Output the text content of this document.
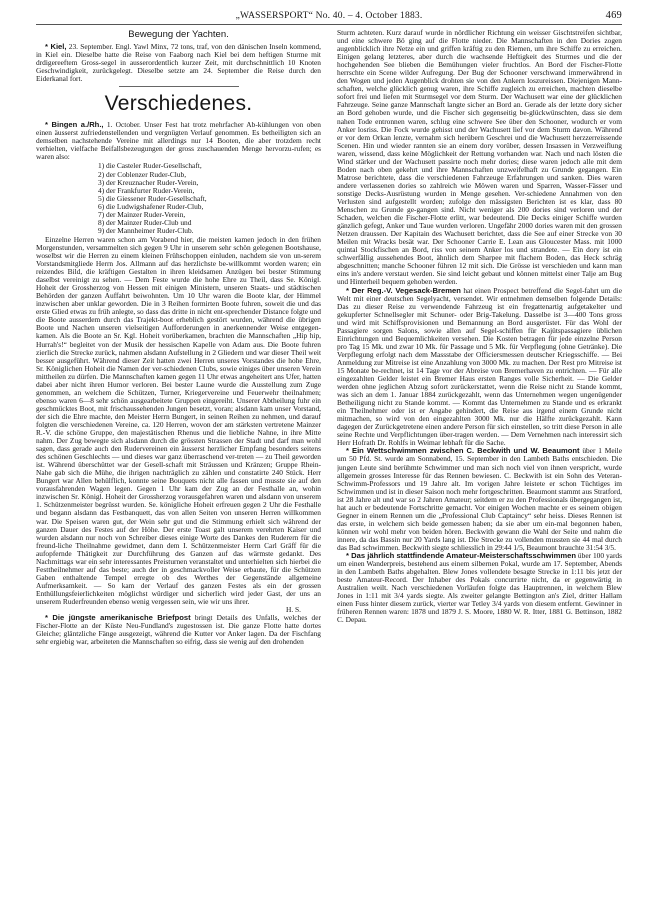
„WASSERSPORT“ No. 40. – 4. October 1883.	469
Bewegung der Yachten.

* Kiel, 23. September. Engl. Yawl Minx, 72 tons, traf, von den dänischen Inseln kommend, in Kiel ein. Dieselbe hatte die Reise von Faaborg nach Kiel bei dem heftigen Sturme mit drdigereeftem Gross-segel in ausserordentlich kurzer Zeit, mit durchschnittlich 10 Knoten Geschwindigkeit, zurückgelegt. Dieselbe setzte am 24. September die Reise durch den Eiderkanal fort.

Verschiedenes.

* Bingen a./Rh., 1. October. Unser Fest hat trotz mehrfacher Ab-kühlungen von oben einen äusserst zufriedenstellenden und vergnügten Verlauf genommen. Es betheiligten sich an demselben nachstehende Vereine mit allerdings nur 14 Booten, die aber trotzdem recht verhielten, vielfache Beifallsbezeugungen der gross zuschauenden Menge hervorzu-rufen; es waren also:

1) die Casteler Ruder-Gesellschaft,
2) der Coblenzer Ruder-Club,
3) der Kreuznacher Ruder-Verein,
4) der Frankfurter Ruder-Verein,
5) die Giessener Ruder-Gesellschaft,
6) die Ludwigshafener Ruder-Club,
7) der Mainzer Ruder-Verein,
8) der Mainzer Ruder-Club und
9) der Mannheimer Ruder-Club.

Einzelne Herren waren schon am Vorabend hier, die meisten kamen jedoch in den frühen Morgenstunden, versammelten sich gegen 9 Uhr in unserem sehr schön gelegenen Bootshause, woselbst wir die Herren zu einem kleinen Frühschoppen einluden, nachdem sie von un-serem Vorstandsmitgliede Herrn Jos. Allmann auf das herzlichste be-willkommt worden waren; ein reizendes Bild, die kräftigen Gestalten in ihren kleidsamen Anzügen bei bester Stimmung daselbst vereinigt zu sehen. — Dem Feste wurde die hohe Ehre zu Theil, dass Se. Königl. Hoheit der Grossherzog von Hessen mit einigen Ministern, unseren Staats- und städtischen Behörden der ganzen Auffahrt beiwohnten. Um 10 Uhr waren die Boote klar, der Himmel inzwischen aber unklar geworden. Die in 3 Reihen formirten Boote fuhren, soweit die und das erste Glied etwas zu früh anlegte, so dass das dritte in nicht ent-sprechender Distance folgte und die Boote ausserdem durch das Trajekt-boot erheblich gestört wurden, während die übrigen Boote und Nachen unseren vielseitigen Aufforderungen in anerkennender Weise entgegen-kamen. Als die Boote an Sr. Kgl. Hoheit vorüberkamen, brachten die Mannschaften „Hip hip, Hurrah's!“ begleitet von der Musik der hessischen Kapelle von Adam aus. Die Boote fuhren zierlich die Strecke zurück, nahmen alsdann Aufstellung in 2 Gliedern und war dieser Theil weit besser ausgeführt. Während dieser Zeit hatten zwei Herren unseres Vorstandes die hohe Ehre, Sr. Königlichen Hoheit die Namen der ver-schiedenen Clubs, sowie einiges über unseren Verein mittheilen zu dürfen. Die Mannschaften kamen gegen 11 Uhr etwas angeheitert ans Ufer, hatten dabei aber nicht ihren Humor verloren. Bei bester Laune wurde die Ausstellung zum Zuge genommen, an welchem die Schützen, Turner, Kriegervereine und Feuerwehr theilnahmen; ebenso waren 6—8 sehr schön ausgearbeitete Gruppen eingereiht. Unserer Abtheilung fuhr ein geschmücktes Boot, mit frischaussehenden Jungen besetzt, voran; alsdann kam unser Vorstand, der sich die Ehre machte, den Meister Herrn Bungert, in seinen Reihen zu nehmen, und darauf folgten die verschiedenen Vereine, ca. 120 Herren, wovon der am stärksten vertretene Mainzer R.-V. die schöne Gruppe, den majestätischen Rhenus und die liebliche Nahne, in ihre Mitte nahm. Der Zug bewegte sich alsdann durch die grössten Strassen der Stadt und darf man wohl sagen, dass gerade auch den Rudervereinen ein äusserst herzlicher Empfang besonders seitens des schönen Geschlechts — und dieses war ganz überraschend ver-treten — zu Theil geworden ist. Während überschüttet war der Gesell-schaft mit Sträussen und Kränzen; Gruppe Rhein-Nahe gab sich die Mühe, die ihrigen nachträglich zu zählen und constatirte 240 Stück. Herr Bungert war Allen behülflich, konnte seine Bouquets nicht alle fassen und musste sie auf den vorausfahrenden Wagen legen. Gegen 1 Uhr kam der Zug an der Festhalle an, wohin inzwischen Sr. Königl. Hoheit der Grossherzog vorausgefahren waren und alsdann von unserem 1. Schützenmeister begrüsst wurden. Se. königliche Hoheit erfreuen gegen 2 Uhr die Festhalle und begann alsdann das Festbanquett, das von allen Seiten von unseren Herren willkommen war. Die Speisen waren gut, der Wein sehr gut und die Stimmung erhielt sich während der ganzen Dauer des Festes auf der Höhe. Der erste Toast galt unserem verehrten Kaiser und wurden alsdann nur noch von Schreiber dieses einige Worte des Dankes den Ruderern für die freund-liche Theilnahme gewidmet, dann dem I. Schützenmeister Herrn Carl Gräff für die aufopfernde Thätigkeit zur Durchführung des Ganzen auf das wärmste gedankt. Des Nachmittags war ein sehr interessantes Preisturnen veranstaltet und unterhielten sich hierbei die Festtheilnehmer auf das beste; auch der in geschmackvoller Weise erbaute, für die Schützen Gaben enthaltende Tempel erregte ob des Werthes der Gegenstände allgemeine Aufmerksamkeit. — So kam der Verlauf des ganzen Festes als ein der grossen Enthüllungsfeierlichkeiten möglichst würdiger und sicherlich wird jeder Gast, der uns an unserem Ruderfreunden ebenso wenig vergessen sein, wie wir uns ihrer.

H. S.

* Die jüngste amerikanische Briefpost bringt Details des Unfalls, welches der Fischer-Flotte an der Küste Neu-Fundland's zugestossen ist. Die ganze Flotte hatte dortes Gleiche; gläntzliche Fänge ausgezeigt, während die Kutter vor Anker lagen. Da der Fischfang sehr ergiebig war, arbeiteten die Mannschaften so eifrig, dass sie wenig auf den drohenden

Sturm achteten. Kurz darauf wurde in nördlicher Richtung ein weisser Gischtstreifen sichtbar, und eine schwere Bö ging auf die Flotte nieder. Die Mannschaften in den Dories zogen augenblicklich ihre Netze ein und griffen kräftig zu den Riemen, um ihre Schiffe zu erreichen. Einigen gelang letzteres, aber durch die wachsende Heftigkeit des Sturmes und die der hochgehenden See blieben die Bemühungen vieler fruchtlos. An Bord der Fischer-Flotte herrschte ein Scene wilder Aufregung. Der Bug der Schooner verschwand immerwährend in den Wogen und jeden Augenblick drohten sie von den Ankern loszureissen. Diejenigen Mann-schaften, welche glücklich genug waren, ihre Schiffe zugleich zu erreichen, machten dieselbe sofort frei und liefen mit Sturmsegel vor dem Sturm. Der Wachusett war eine der glücklichen Fahrzeuge. Seine ganze Mannschaft langte sicher an Bord an. Gerade als der letzte dory sicher an Bord gehoben wurde, und die Fischer sich gegenseitig be-glückwünschten, dass sie dem nahen Tode entronnen waren, schlug eine schwere See über den Schooner, wodurch er vom Anker losriss. Die Fock wurde gehisst und der Wachusett lief vor dem Sturm davon. Während er vor dem Orkan lenzte, vernahm sich herübern Geschrei und die Wachusett herzzerreissende Scenen. Hin und wieder rannten sie an einem dory vorüber, dessen Insassen in Verzweiflung waren, wissend, dass keine Möglichkeit der Rettung vorhanden war. Nach und nach lösten die Wind stärker und der Wachusett passirte noch mehr dories; diese waren jedoch alle mit dem Boden nach oben gekehrt und ihre Mannschaften unzweifelhaft zu Grunde gegangen. Ein Matrose berichtete, dass die verschiedenen Fahrzeuge Erfahrungen und sanken. Dies waren andere verlassenen dories so zahlreich wie Möwen waren und Sparren, Wasser-Fässer und sonstige Decks-Ausrüstung wurden in Menge gesehen. Ver-schiedene Annahmen von den Verlusten sind aufgestellt worden; zufolge den mässigsten Berichten ist es klar, dass 80 Menschen zu Grunde ge-gangen sind. Nicht weniger als 200 dories sind verloren und der Schaden, welchen die Fischer-Flotte erlitt, war bedeutend. Die Decks einiger Schiffe wurden gänzlich gefegt, Anker und Taue wurden verloren. Ungefähr 2000 dories waren mit den grossen Netzen draussen. Der Kapitain des Wachusett berichtet, dass die See auf einer Strecke von 30 Meilen mit Wracks besät war. Der Schooner Carrie E. Lean aus Gloucester Mass. mit 1000 quintal Stockfischen an Bord, riss von seinem Anker los und strandete. — Ein dory ist ein schwerfällig aussehendes Boot, ähnlich dem Sharpee mit flachem Boden, das Heck schräg abgeschnitten; manche Schooner führen 12 mit sich. Die Grösse ist verschieden und kann man eins in's andere verstaut werden. Sie sind leicht gebaut und können mittelst einer Talje am Bug und Hinterheil bequem gehoben werden.

* Der Reg.-V. Vegesack-Bremen hat einen Prospect betreffend die Segel-fahrt um die Welt mit einer deutschen Segelyacht, versendet. Wir entnehmen demselben folgende Details: Das zu dieser Reise zu verwendende Fahrzeug ist ein fregattenartig aufgetakelter und gekupferter Schnellsegler mit Schuner- oder Brig-Takelung. Dasselbe ist 3—400 Tons gross und wird mit Schiffsprovisionen und Bemannung an Bord ausgerüstet. Für das Wohl der Passagiere sorgen Salons, sowie allen auf Segel-schiffen für Kajütspassagiere üblichen Einrichtungen und Bequemlichkeiten versehen. Die Kosten betragen für jede einzelne Person pro Tag 15 Mk. und zwar 10 Mk. für Passage und 5 Mk. für Verpflegung (ohne Getränke). Die Verpflegung erfolgt nach dem Massstabe der Officiersmessen deutscher Kriegsschiffe. — Bei Anmeldung zur Mitreise ist eine Anzahlung von 3000 Mk. zu machen. Der Rest pro Mitreise ist 15 Monate be-rechnet, ist 14 Tage vor der Abreise von Bremerhaven zu entrichten. — Für alle eingezahlten Gelder leistet ein Bremer Haus ersten Ranges volle Sicherheit. — Die Gelder werden ohne jeglichen Abzug sofort zurückerstattet, wenn die Reise nicht zu Stande kommt, was sich an dem 1. Januar 1884 zurückgezahlt, wenn das Unternehmen wegen ungenügender Betheiligung nicht zu Stande kommt. — Kommt das Unternehmen zu Stande und es erkrankt ein Theilnehmer oder ist er Angabe gehindert, die Reise aus irgend einem Grunde nicht mitmachen, so wird von den eingezahlten 3000 Mk. nur die Hälfte zurückgezahlt. Kann dagegen der Zurückgetretene einen andere Person für sich einstellen, so tritt diese Person in alle seine Rechte und Verpflichtungen über-tragen werden. — Dem Vernehmen nach interessirt sich Herr Hofrath Dr. Rohlfs in Weimar lebhaft für die Sache.

* Ein Wettschwimmen zwischen C. Beckwith und W. Beaumont über 1 Meile um 50 Pfd. St. wurde am Sonnabend, 15. September in den Lambeth Baths entschieden. Die jungen Leute sind berühmte Schwimmer und man sich noch viel von ihnen verspricht, wurde allgemein grosses Interesse für das Rennen bewiesen. C. Beckwith ist ein Sohn des Veteran-Schwimm-Professors und 19 Jahre alt. Im vorigen Jahre leistete er schon Tüchtiges im Schwimmen und ist in dieser Saison noch mehr fortgeschritten. Beaumont stammt aus Stratford, ist 28 Jahre alt und war so 2 Jahren Amateur; seitdem er zu den Professionals übergegangen ist, hat auch er bedeutende Fortschritte gemacht. Vor einigen Wochen machte er es seinem obigen Gegner in einem Rennen um die „Professional Club Captaincy“ sehr heiss. Dieses Rennen ist das erste, in welchem sich beide gemessen haben; da sie aber um ein-mal begonnen haben, können wir wohl mehr von beiden hören. Beckwith gewann die Wahl der Seite und nahm die innere, da das Bassin nur 20 Yards lang ist. Die Strecke zu vollenden mussten sie 44 mal durch das Bad schwimmen. Beckwith siegte schliesslich in 29:44 1/5, Beaumont brauchte 31:54 3/5.

* Das jährlich stattfindende Amateur-Meisterschaftsschwimmen über 100 yards um einen Wanderpreis, bestehend aus einem silbernen Pokal, wurde am 17. September, Abends in den Lambeth Baths abgehalten. Blew Jones vollendete besagte Strecke in 1:11 bis jetzt der beste Amateur-Record. Der Inhaber des Pokals concurrirte nicht, da er gegenwärtig in Australien weilt. Nach verschiedenen Vorläufen folgte das Hauptrennen, in welchem Blew Jones in 1:11 mit 3/4 yards siegte. Als zweiter gelangte Bettington an's Ziel, dritter Hallam einen Fuss hinter diesem zurück, vierter war Tetley 3/4 yards von diesem entfernt. Gewinner in früheren Rennen waren: 1878 und 1879 J. S. Moore, 1880 W. R. Itter, 1881 G. Bettinson, 1882 C. Depau.
